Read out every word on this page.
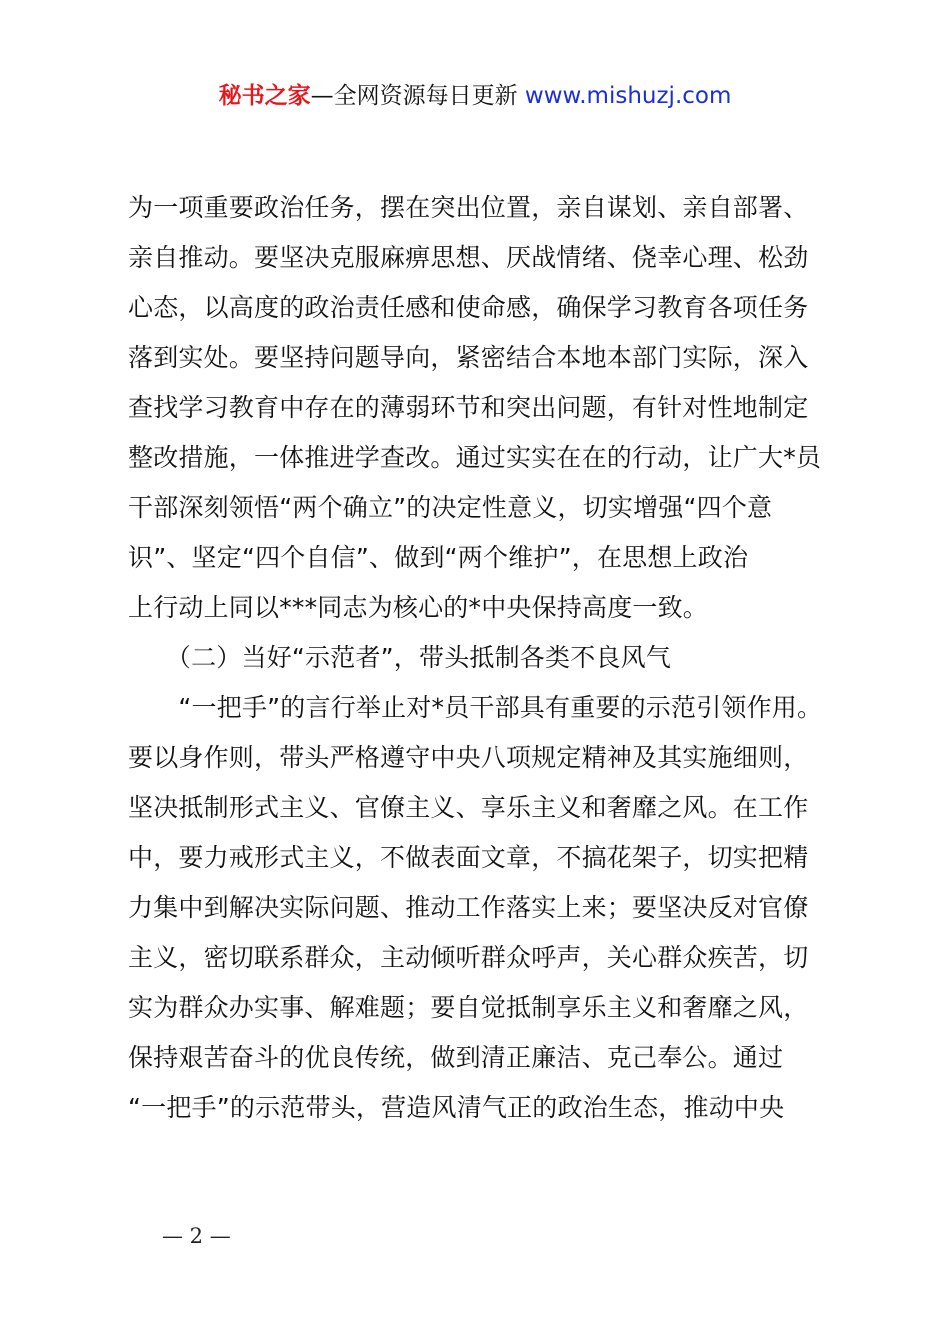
秘书之家—全网资源每日更新 www.mishuzj.com
为一项重要政治任务，摆在突出位置，亲自谋划、亲自部署、
亲自推动。要坚决克服麻痹思想、厌战情绪、侥幸心理、松劲
心态，以高度的政治责任感和使命感，确保学习教育各项任务
落到实处。要坚持问题导向，紧密结合本地本部门实际，深入
查找学习教育中存在的薄弱环节和突出问题，有针对性地制定
整改措施，一体推进学查改。通过实实在在的行动，让广大*员
干部深刻领悟“两个确立”的决定性意义，切实增强“四个意
识”、坚定“四个自信”、做到“两个维护”，在思想上政治
上行动上同以***同志为核心的*中央保持高度一致。
　　（二）当好“示范者”，带头抵制各类不良风气
　　“一把手”的言行举止对*员干部具有重要的示范引领作用。
要以身作则，带头严格遵守中央八项规定精神及其实施细则，
坚决抵制形式主义、官僚主义、享乐主义和奢靡之风。在工作
中，要力戒形式主义，不做表面文章，不搞花架子，切实把精
力集中到解决实际问题、推动工作落实上来；要坚决反对官僚
主义，密切联系群众，主动倾听群众呼声，关心群众疾苦，切
实为群众办实事、解难题；要自觉抵制享乐主义和奢靡之风，
保持艰苦奋斗的优良传统，做到清正廉洁、克己奉公。通过
“一把手”的示范带头，营造风清气正的政治生态，推动中央
— 2 —
